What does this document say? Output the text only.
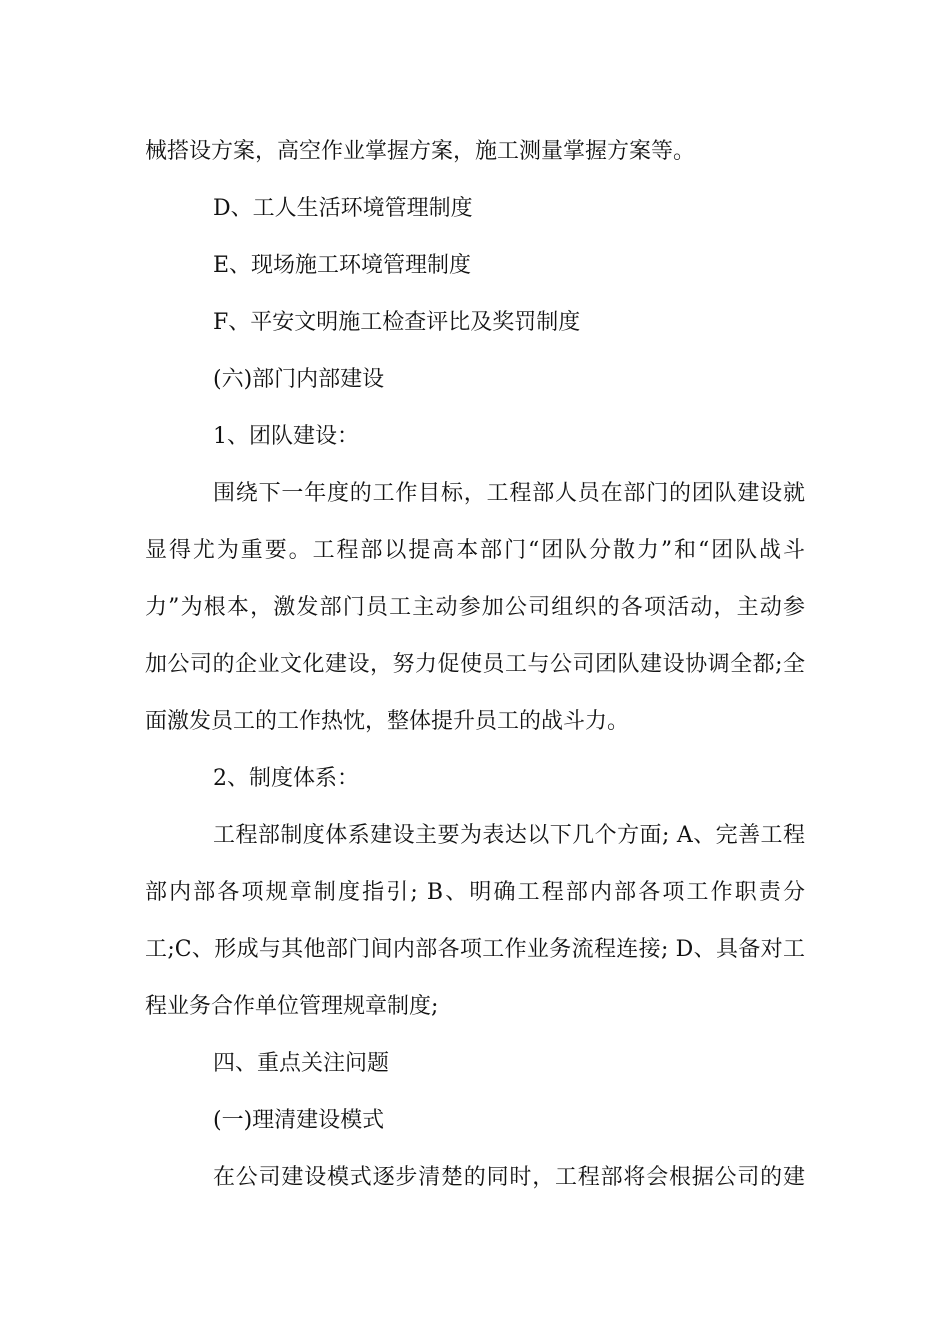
械搭设方案，高空作业掌握方案，施工测量掌握方案等。
D、工人生活环境管理制度
E、现场施工环境管理制度
F、平安文明施工检查评比及奖罚制度
(六)部门内部建设
1、团队建设：
围绕下一年度的工作目标，工程部人员在部门的团队建设就
显得尤为重要。工程部以提高本部门“团队分散力”和“团队战斗
力”为根本，激发部门员工主动参加公司组织的各项活动，主动参
加公司的企业文化建设，努力促使员工与公司团队建设协调全都;全
面激发员工的工作热忱，整体提升员工的战斗力。
2、制度体系：
工程部制度体系建设主要为表达以下几个方面; A、完善工程
部内部各项规章制度指引; B、明确工程部内部各项工作职责分
工;C、形成与其他部门间内部各项工作业务流程连接; D、具备对工
程业务合作单位管理规章制度;
四、重点关注问题
(一)理清建设模式
在公司建设模式逐步清楚的同时，工程部将会根据公司的建
